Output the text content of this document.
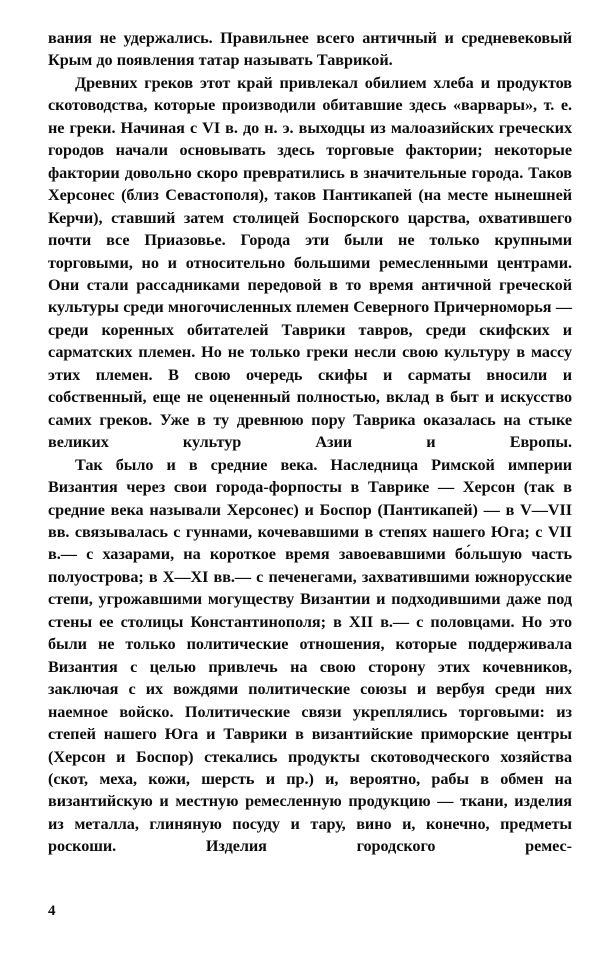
вания не удержались. Правильнее всего античный и средневековый Крым до появления татар называть Таврикой.

Древних греков этот край привлекал обилием хлеба и продуктов скотоводства, которые производили обитавшие здесь «варвары», т. е. не греки. Начиная с VI в. до н. э. выходцы из малоазийских греческих городов начали основывать здесь торговые фактории; некоторые фактории довольно скоро превратились в значительные города. Таков Херсонес (близ Севастополя), таков Пантикапей (на месте нынешней Керчи), ставший затем столицей Боспорского царства, охватившего почти все Приазовье. Города эти были не только крупными торговыми, но и относительно большими ремесленными центрами. Они стали рассадниками передовой в то время античной греческой культуры среди многочисленных племен Северного Причерноморья — среди коренных обитателей Таврики тавров, среди скифских и сарматских племен. Но не только греки несли свою культуру в массу этих племен. В свою очередь скифы и сарматы вносили и собственный, еще не оцененный полностью, вклад в быт и искусство самих греков. Уже в ту древнюю пору Таврика оказалась на стыке великих культур Азии и Европы.

Так было и в средние века. Наследница Римской империи Византия через свои города-форпосты в Таврике — Херсон (так в средние века называли Херсонес) и Боспор (Пантикапей) — в V—VII вв. связывалась с гуннами, кочевавшими в степях нашего Юга; с VII в.— с хазарами, на короткое время завоевавшими бо́льшую часть полуострова; в X—XI вв.— с печенегами, захватившими южнорусские степи, угрожавшими могуществу Византии и подходившими даже под стены ее столицы Константинополя; в XII в.— с половцами. Но это были не только политические отношения, которые поддерживала Византия с целью привлечь на свою сторону этих кочевников, заключая с их вождями политические союзы и вербуя среди них наемное войско. Политические связи укреплялись торговыми: из степей нашего Юга и Таврики в византийские приморские центры (Херсон и Боспор) стекались продукты скотоводческого хозяйства (скот, меха, кожи, шерсть и пр.) и, вероятно, рабы в обмен на византийскую и местную ремесленную продукцию — ткани, изделия из металла, глиняную посуду и тару, вино и, конечно, предметы роскоши. Изделия городского ремес-

4
